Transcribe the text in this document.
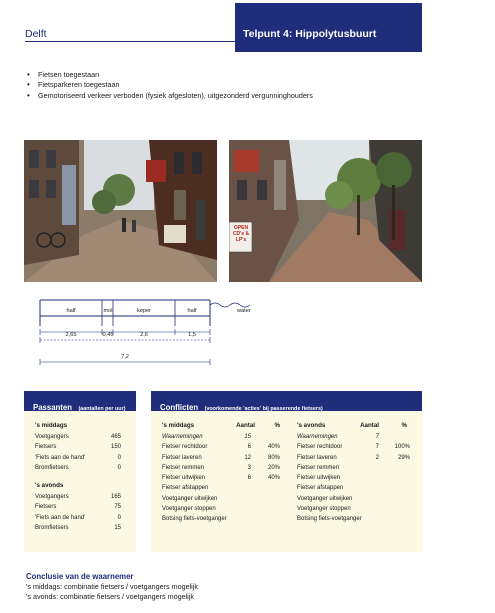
Delft	Telpunt 4: Hippolytusbuurt
• Fietsen toegestaan
• Fietsparkeren toegestaan
• Gemotoriseerd verkeer verboden (fysiek afgesloten), uitgezonderd vergunninghouders
OPEN CD's & LP's
half	mol	keper	half	water
2,65	0,45	2,6	1,5
7,2
Passanten (aantallen per uur)
's middags
Voetgangers	465
Fietsers	150
'Fiets aan de hand'	0
Bromfietsers	0
's avonds
Voetgangers	165
Fietsers	75
'Fiets aan de hand'	0
Bromfietsers	15
Conflicten (voorkomende 'acties' bij passerende fietsers)
's middags	Aantal	%
Waarnemingen	15
Fietser rechtdoor	6	40%
Fietser laveren	12	80%
Fietser remmen	3	20%
Fietser uitwijken	6	40%
Fietser afstappen
Voetganger uitwijken
Voetganger stoppen
Botsing fiets-voetganger
's avonds	Aantal	%
Waarnemingen	7
Fietser rechtdoor	7	100%
Fietser laveren	2	29%
Fietser remmen
Fietser uitwijken
Fietser afstappen
Voetganger uitwijken
Voetganger stoppen
Botsing fiets-voetganger
Conclusie van de waarnemer
's middags: combinatie fietsers / voetgangers mogelijk
's avonds: combinatie fietsers / voetgangers mogelijk
